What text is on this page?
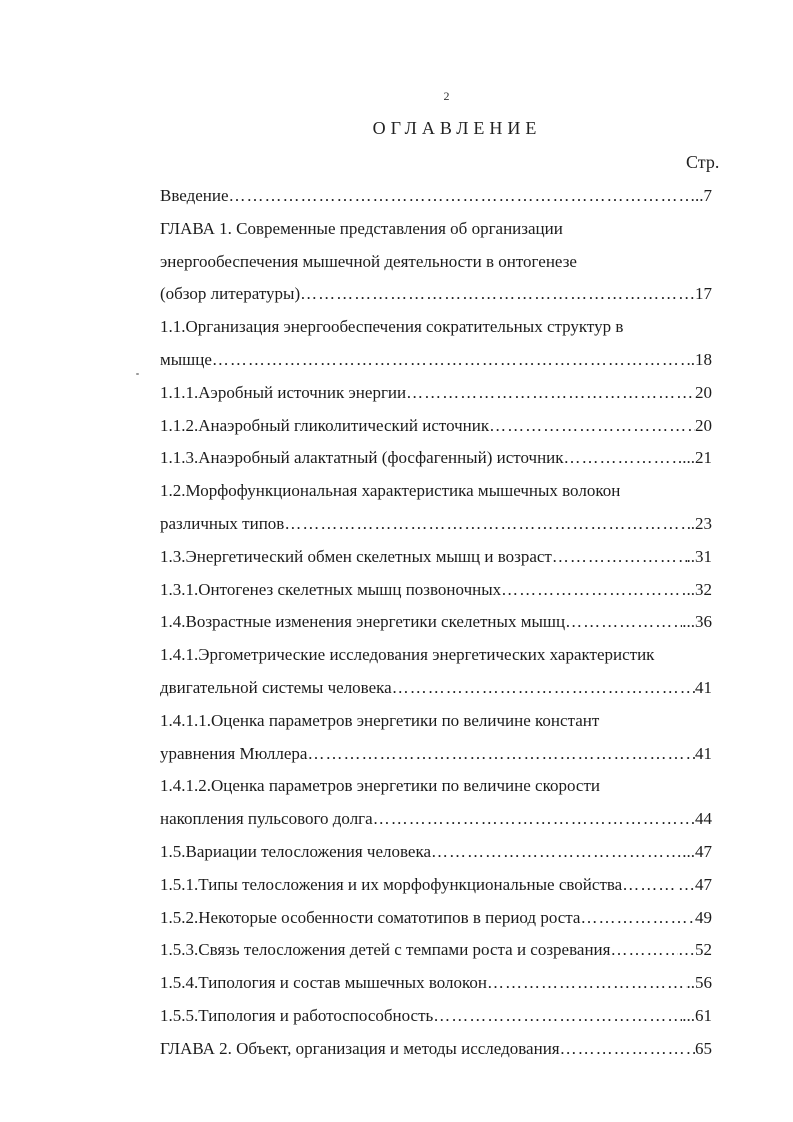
2
ОГЛАВЛЕНИЕ
Стр.
Введение …………………………………………………………………………………………………………………………………………………	..7
ГЛАВА 1. Современные представления об организации
энергообеспечения мышечной деятельности в онтогенезе
(обзор литературы) …………………………………………………………………………………………………………………………………………………	17
1.1.Организация энергообеспечения сократительных структур в
мышце …………………………………………………………………………………………………………………………………………………	..18
1.1.1.Аэробный источник энергии …………………………………………………………………………………………………………………………………………………	20
1.1.2.Анаэробный гликолитический источник …………………………………………………………………………………………………………………………………………………	20
1.1.3.Анаэробный алактатный (фосфагенный) источник …………………………………………………………………………………………………………………………………………………	...21
1.2.Морфофункциональная характеристика мышечных волокон
различных типов …………………………………………………………………………………………………………………………………………………	.23
1.3.Энергетический обмен скелетных мышц и возраст …………………………………………………………………………………………………………………………………………………	..31
1.3.1.Онтогенез скелетных мышц позвоночных …………………………………………………………………………………………………………………………………………………	..32
1.4.Возрастные изменения энергетики скелетных мышц …………………………………………………………………………………………………………………………………………………	...36
1.4.1.Эргометрические исследования энергетических характеристик
двигательной системы человека …………………………………………………………………………………………………………………………………………………	41
1.4.1.1.Оценка параметров энергетики по величине констант
уравнения Мюллера …………………………………………………………………………………………………………………………………………………	41
1.4.1.2.Оценка параметров энергетики по величине скорости
накопления пульсового долга …………………………………………………………………………………………………………………………………………………	44
1.5.Вариации телосложения человека …………………………………………………………………………………………………………………………………………………	...47
1.5.1.Типы телосложения и их морфофункциональные свойства …………………………………………………………………………………………………………………………………………………	…47
1.5.2.Некоторые особенности соматотипов в период роста …………………………………………………………………………………………………………………………………………………	49
1.5.3.Связь телосложения детей с темпами роста и созревания …………………………………………………………………………………………………………………………………………………	…52
1.5.4.Типология и состав мышечных волокон …………………………………………………………………………………………………………………………………………………	..56
1.5.5.Типология и работоспособность …………………………………………………………………………………………………………………………………………………	...61
ГЛАВА 2. Объект, организация и методы исследования …………………………………………………………………………………………………………………………………………………	65
